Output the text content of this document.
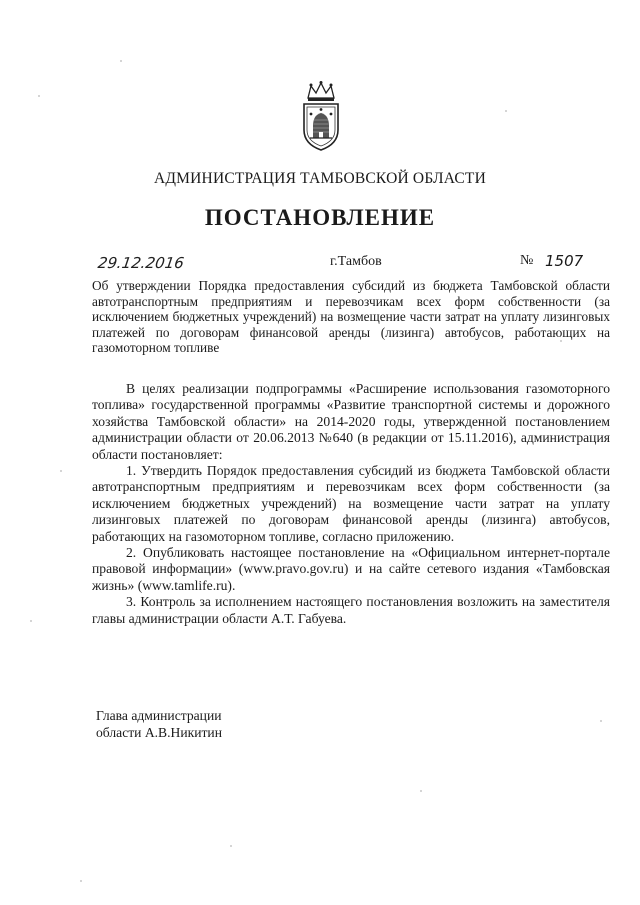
АДМИНИСТРАЦИЯ ТАМБОВСКОЙ ОБЛАСТИ
ПОСТАНОВЛЕНИЕ
29.12.2016	г.Тамбов	№ 1507
Об утверждении Порядка предоставления субсидий из бюджета Тамбовской области автотранспортным предприятиям и перевозчикам всех форм собственности (за исключением бюджетных учреждений) на возмещение части затрат на уплату лизинговых платежей по договорам финансовой аренды (лизинга) автобусов, работающих на газомоторном топливе

В целях реализации подпрограммы «Расширение использования газомоторного топлива» государственной программы «Развитие транспортной системы и дорожного хозяйства Тамбовской области» на 2014-2020 годы, утвержденной постановлением администрации области от 20.06.2013 №640 (в редакции от 15.11.2016), администрация области постановляет:

1. Утвердить Порядок предоставления субсидий из бюджета Тамбовской области автотранспортным предприятиям и перевозчикам всех форм собственности (за исключением бюджетных учреждений) на возмещение части затрат на уплату лизинговых платежей по договорам финансовой аренды (лизинга) автобусов, работающих на газомоторном топливе, согласно приложению.

2. Опубликовать настоящее постановление на «Официальном интернет-портале правовой информации» (www.pravo.gov.ru) и на сайте сетевого издания «Тамбовская жизнь» (www.tamlife.ru).

3. Контроль за исполнением настоящего постановления возложить на заместителя главы администрации области А.Т. Габуева.

Глава администрации
области А.В.Никитин
